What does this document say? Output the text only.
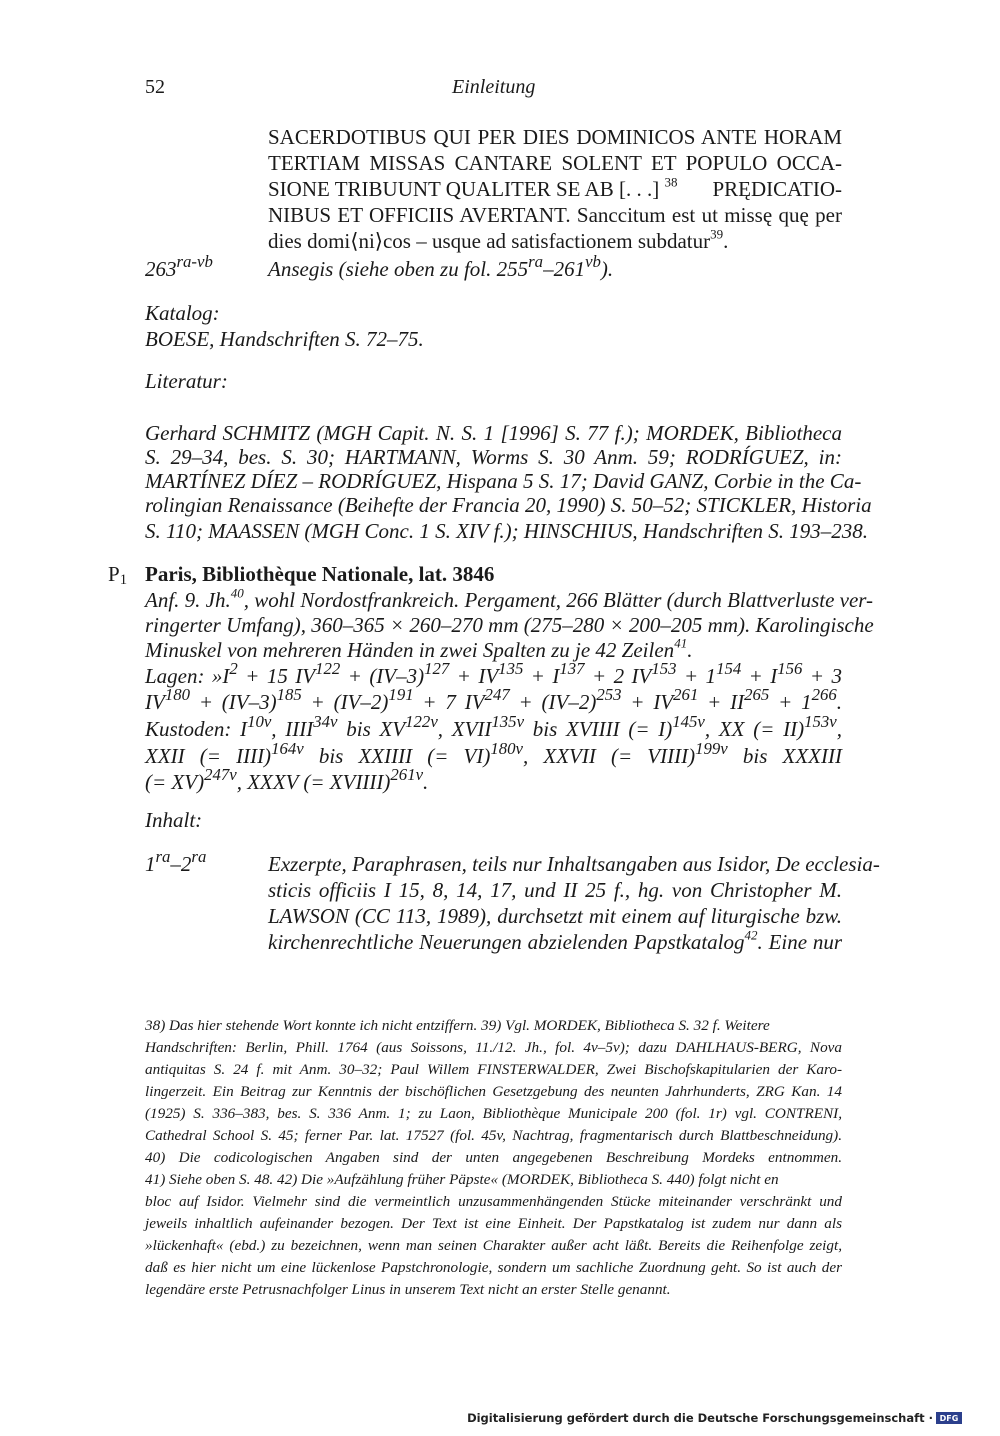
52	Einleitung
SACERDOTIBUS QUI PER DIES DOMINICOS ANTE HORAM
TERTIAM MISSAS CANTARE SOLENT ET POPULO OCCA-
SIONE TRIBUUNT QUALITER SE AB [. . .] $^{38}$ PRĘDICATIO-
NIBUS ET OFFICIIS AVERTANT. Sanccitum est ut missę quę per
dies domi⟨ni⟩cos – usque ad satisfactionem subdatur$^{39}$.
$263^{ra-vb}$	Ansegis (siehe oben zu fol. $255^{ra}-261^{vb}$).
Katalog:
BOESE, Handschriften S. 72–75.
Literatur:
Gerhard SCHMITZ (MGH Capit. N. S. 1 [1996] S. 77 f.); MORDEK, Bibliotheca
S. 29–34, bes. S. 30; HARTMANN, Worms S. 30 Anm. 59; RODRÍGUEZ, in:
MARTÍNEZ DÍEZ – RODRÍGUEZ, Hispana 5 S. 17; David GANZ, Corbie in the Ca-
rolingian Renaissance (Beihefte der Francia 20, 1990) S. 50–52; STICKLER, Historia
S. 110; MAASSEN (MGH Conc. 1 S. XIV f.); HINSCHIUS, Handschriften S. 193–238.
P1 Paris, Bibliothèque Nationale, lat. 3846
Anf. 9. Jh.$^{40}$, wohl Nordostfrankreich. Pergament, 266 Blätter (durch Blattverluste ver-
ringerter Umfang), 360–365 × 260–270 mm (275–280 × 200–205 mm). Karolingische
Minuskel von mehreren Händen in zwei Spalten zu je 42 Zeilen$^{41}$.
Lagen: $»I^2 + 15$ $IV^{122} + (IV-3)^{127} + IV^{135} + I^{137} + 2$ $IV^{153} + 1^{154} + I^{156} + 3$
$IV^{180} + (IV-3)^{185} + (IV-2)^{191} + 7$ $IV^{247} + (IV-2)^{253} + IV^{261} + II^{265} + 1^{266}$.
Kustoden: $I^{10v}$, $IIII^{34v}$ bis $XV^{122v}$, $XVII^{135v}$ bis XVIIII (= I)$^{145v}$, XX (= II)$^{153v}$,
XXII (= IIII)$^{164v}$ bis XXIIII (= VI)$^{180v}$, XXVII (= VIIII)$^{199v}$ bis XXXIII
(= XV)$^{247v}$, XXXV (= XVIIII)$^{261v}$.
Inhalt:
$1^{ra}-2^{ra}$	Exzerpte, Paraphrasen, teils nur Inhaltsangaben aus Isidor, De ecclesia-
sticis officiis I 15, 8, 14, 17, und II 25 f., hg. von Christopher M.
LAWSON (CC 113, 1989), durchsetzt mit einem auf liturgische bzw.
kirchenrechtliche Neuerungen abzielenden Papstkatalog$^{42}$. Eine nur
38) Das hier stehende Wort konnte ich nicht entziffern. 39) Vgl. MORDEK, Bibliotheca S. 32 f. Weitere
Handschriften: Berlin, Phill. 1764 (aus Soissons, 11./12. Jh., fol. 4v–5v); dazu DAHLHAUS-BERG, Nova
antiquitas S. 24 f. mit Anm. 30–32; Paul Willem FINSTERWALDER, Zwei Bischofskapitularien der Karo-
lingerzeit. Ein Beitrag zur Kenntnis der bischöflichen Gesetzgebung des neunten Jahrhunderts, ZRG Kan. 14
(1925) S. 336–383, bes. S. 336 Anm. 1; zu Laon, Bibliothèque Municipale 200 (fol. 1r) vgl. CONTRENI,
Cathedral School S. 45; ferner Par. lat. 17527 (fol. 45v, Nachtrag, fragmentarisch durch Blattbeschneidung).
40) Die codicologischen Angaben sind der unten angegebenen Beschreibung Mordeks entnommen.
41) Siehe oben S. 48. 42) Die »Aufzählung früher Päpste« (MORDEK, Bibliotheca S. 440) folgt nicht en
bloc auf Isidor. Vielmehr sind die vermeintlich unzusammenhängenden Stücke miteinander verschränkt und
jeweils inhaltlich aufeinander bezogen. Der Text ist eine Einheit. Der Papstkatalog ist zudem nur dann als
»lückenhaft« (ebd.) zu bezeichnen, wenn man seinen Charakter außer acht läßt. Bereits die Reihenfolge zeigt,
daß es hier nicht um eine lückenlose Papstchronologie, sondern um sachliche Zuordnung geht. So ist auch der
legendäre erste Petrusnachfolger Linus in unserem Text nicht an erster Stelle genannt.
Digitalisierung gefördert durch die Deutsche Forschungsgemeinschaft · DFG
